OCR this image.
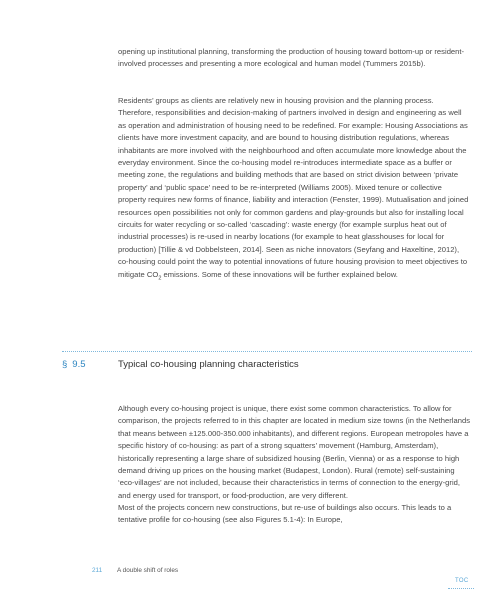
opening up institutional planning, transforming the production of housing toward bottom-up or resident-involved processes and presenting a more ecological and human model (Tummers 2015b).

Residents’ groups as clients are relatively new in housing provision and the planning process. Therefore, responsibilities and decision-making of partners involved in design and engineering as well as operation and administration of housing need to be redefined. For example: Housing Associations as clients have more investment capacity, and are bound to housing distribution regulations, whereas inhabitants are more involved with the neighbourhood and often accumulate more knowledge about the everyday environment. Since the co-housing model re-introduces intermediate space as a buffer or meeting zone, the regulations and building methods that are based on strict division between ‘private property’ and ‘public space’ need to be re-interpreted (Williams 2005). Mixed tenure or collective property requires new forms of finance, liability and interaction (Fenster, 1999). Mutualisation and joined resources open possibilities not only for common gardens and play-grounds but also for installing local circuits for water recycling or so-called ‘cascading’: waste energy (for example surplus heat out of industrial processes) is re-used in nearby locations (for example to heat glasshouses for local for production) [Tillie & vd Dobbelsteen, 2014]. Seen as niche innovators (Seyfang and Haxeltine, 2012), co-housing could point the way to potential innovations of future housing provision to meet objectives to mitigate $CO_2$ emissions. Some of these innovations will be further explained below.

§ 9.5	Typical co-housing planning characteristics

Although every co-housing project is unique, there exist some common characteristics. To allow for comparison, the projects referred to in this chapter are located in medium size towns (in the Netherlands that means between ±125.000-350.000 inhabitants), and different regions. European metropoles have a specific history of co-housing: as part of a strong squatters’ movement (Hamburg, Amsterdam), historically representing a large share of subsidized housing (Berlin, Vienna) or as a response to high demand driving up prices on the housing market (Budapest, London). Rural (remote) self-sustaining ‘eco-villages’ are not included, because their characteristics in terms of connection to the energy-grid, and energy used for transport, or food-production, are very different.

Most of the projects concern new constructions, but re-use of buildings also occurs. This leads to a tentative profile for co-housing (see also Figures 5.1-4): In Europe,

211 A double shift of roles
TOC
